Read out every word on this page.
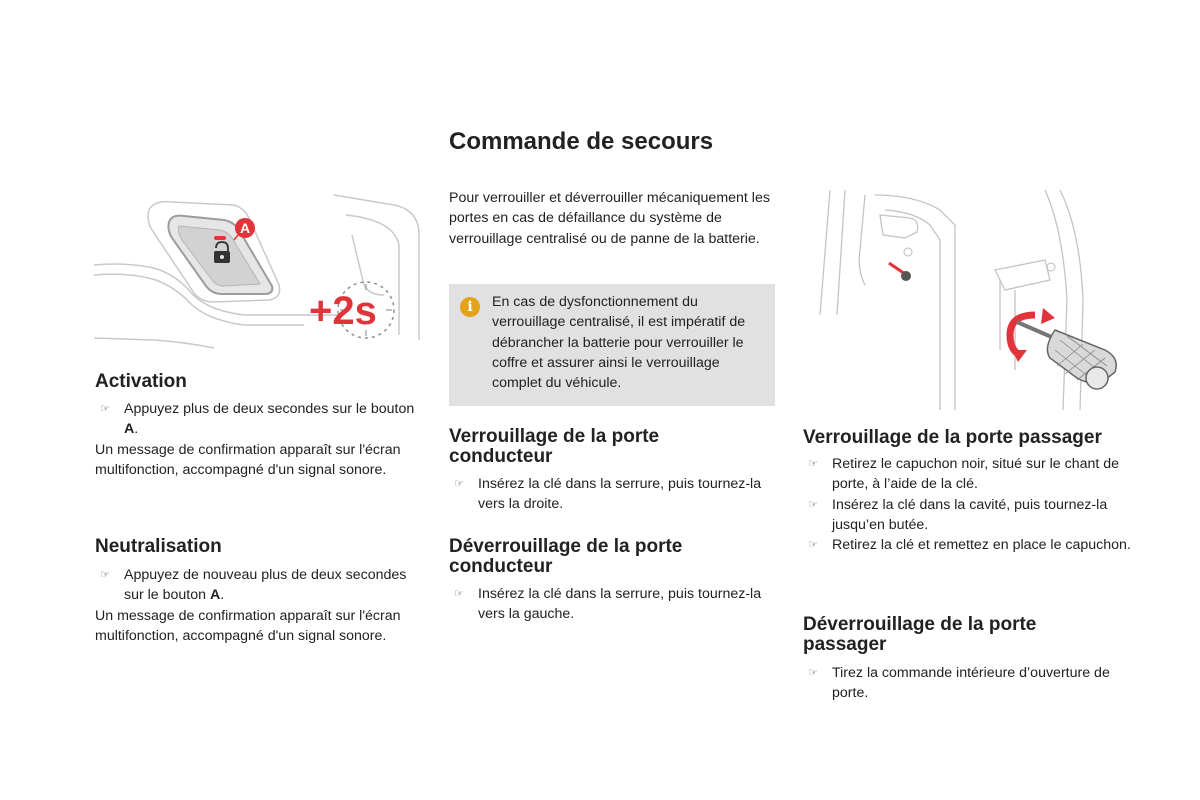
A
+2s
Activation
☞ Appuyez plus de deux secondes sur le bouton A.

Un message de confirmation apparaît sur l'écran multifonction, accompagné d'un signal sonore.

Neutralisation
☞ Appuyez de nouveau plus de deux secondes sur le bouton A.

Un message de confirmation apparaît sur l'écran multifonction, accompagné d'un signal sonore.

Commande de secours

Pour verrouiller et déverrouiller mécaniquement les portes en cas de défaillance du système de verrouillage centralisé ou de panne de la batterie.

i	En cas de dysfonctionnement du verrouillage centralisé, il est impératif de débrancher la batterie pour verrouiller le coffre et assurer ainsi le verrouillage complet du véhicule.
Verrouillage de la porte conducteur
☞ Insérez la clé dans la serrure, puis tournez-la vers la droite.
Déverrouillage de la porte conducteur
☞ Insérez la clé dans la serrure, puis tournez-la vers la gauche.
Verrouillage de la porte passager
☞ Retirez le capuchon noir, situé sur le chant de porte, à l’aide de la clé.
☞ Insérez la clé dans la cavité, puis tournez-la jusqu’en butée.
☞ Retirez la clé et remettez en place le capuchon.
Déverrouillage de la porte passager
☞ Tirez la commande intérieure d’ouverture de porte.
